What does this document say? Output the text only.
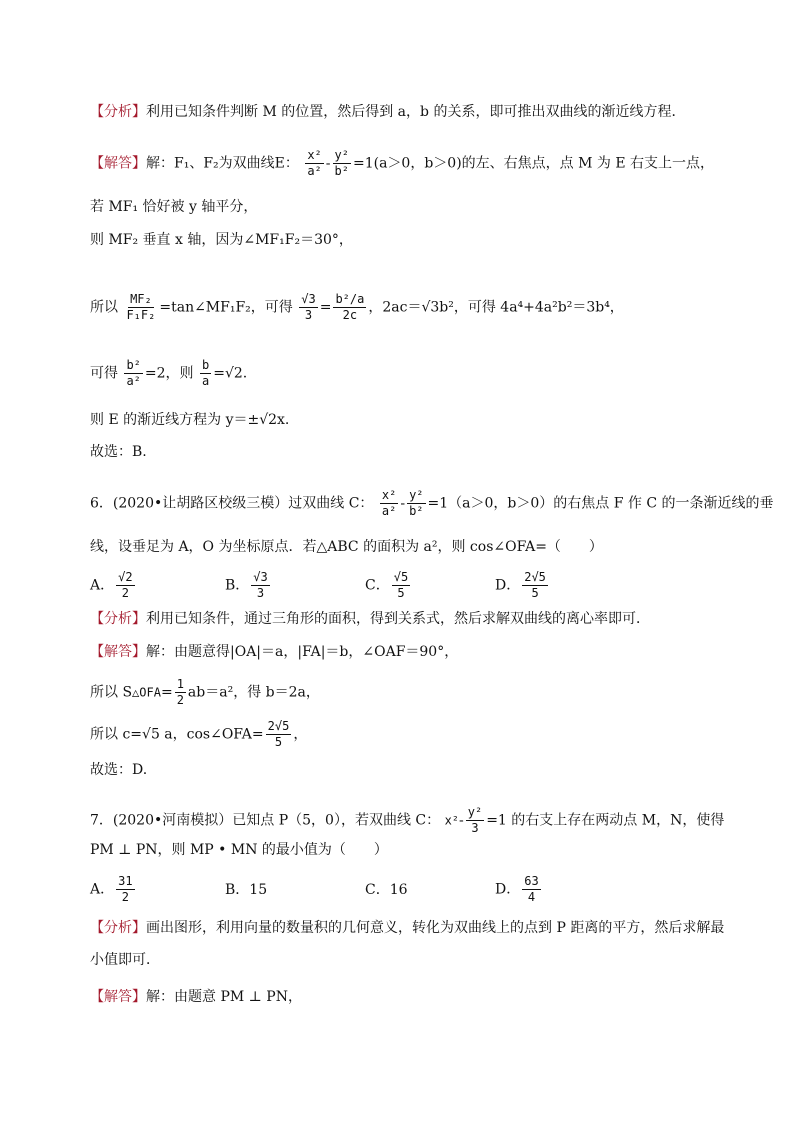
【分析】利用已知条件判断 M 的位置，然后得到 a，b 的关系，即可推出双曲线的渐近线方程．
【解答】解：F₁、F₂为双曲线E： $\frac{\text{x²}}{\text{a²}} - \frac{\text{y²}}{\text{b²}} =1(a>0$，b＞0)的左、右焦点，点 M 为 E 右支上一点，
若 MF₁ 恰好被 y 轴平分，
则 MF₂ 垂直 x 轴，因为∠MF₁F₂＝30°，
所以 $\frac{\text{MF₂}}{\text{F₁F₂}}$ =tan∠MF₁F₂，可得 $\frac{√3}{3} = \frac{\text{b²/a}}{2c}$ ，2ac＝√3b²，可得 4a⁴+4a²b²＝3b⁴，
可得 $\frac{\text{b²}}{\text{a²}} =2$，则 $\frac{b}{a} =√2$.
则 E 的渐近线方程为 y＝±√2x.
故选：B.
6．(2020•让胡路区校级三模）过双曲线 C： $\frac{\text{x²}}{\text{a²}} - \frac{\text{y²}}{\text{b²}} =1(a>0$，b＞0）的右焦点 F 作 C 的一条渐近线的垂
线，设垂足为 A，O 为坐标原点．若△ABC 的面积为 a²，则 cos∠OFA=（　　）
A． $\frac{√2}{2}$	B． $\frac{√3}{3}$	C． $\frac{√5}{5}$	D． $\frac{2√5}{5}$
【分析】利用已知条件，通过三角形的面积，得到关系式，然后求解双曲线的离心率即可．
【解答】解：由题意得|OA|＝a，|FA|＝b，∠OAF＝90°，
所以 S△OFA= $\frac{1}{2} ab=a^2$，得 b＝2a，
所以 c=√5 a，cos∠OFA= $\frac{2√5}{5}$ ，
故选：D.
7．(2020•河南模拟）已知点 P（5，0），若双曲线 C： $x^2- \frac{\text{y²}}{3} =1$ 的右支上存在两动点 M，N，使得
PM ⊥ PN，则 MP • MN 的最小值为（　　）
A． $\frac{31}{2}$	B．15	C．16	D． $\frac{63}{4}$
【分析】画出图形，利用向量的数量积的几何意义，转化为双曲线上的点到 P 距离的平方，然后求解最
小值即可．
【解答】解：由题意 PM ⊥ PN，
